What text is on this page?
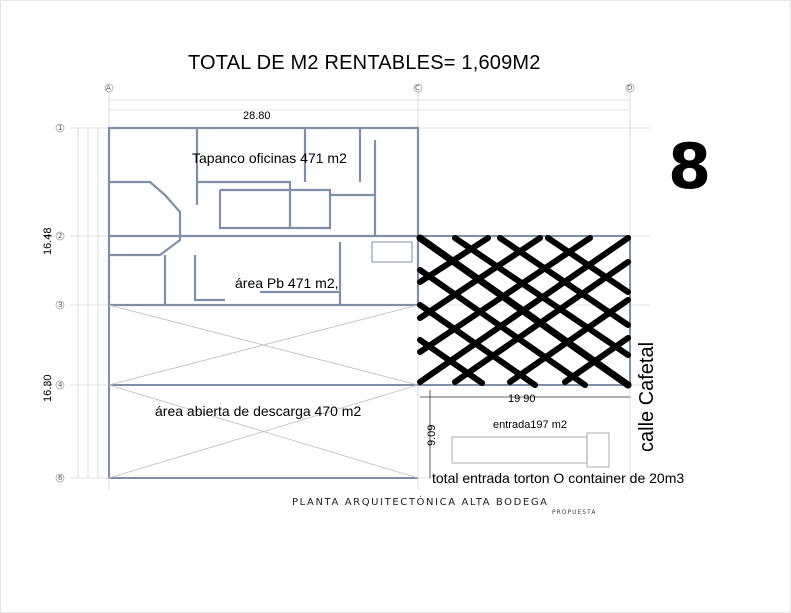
TOTAL DE M2 RENTABLES= 1,609M2
8
28.80
Tapanco oficinas 471 m2
área Pb 471 m2,
área abierta de descarga 470 m2
19 90
entrada197 m2
total entrada torton O container de 20m3
9.09	calle Cafetal
16.48
16.30
A	C	D
1
2
3
4
6
PLANTA ARQUITECTÓNICA ALTA BODEGA
PROPUESTA
